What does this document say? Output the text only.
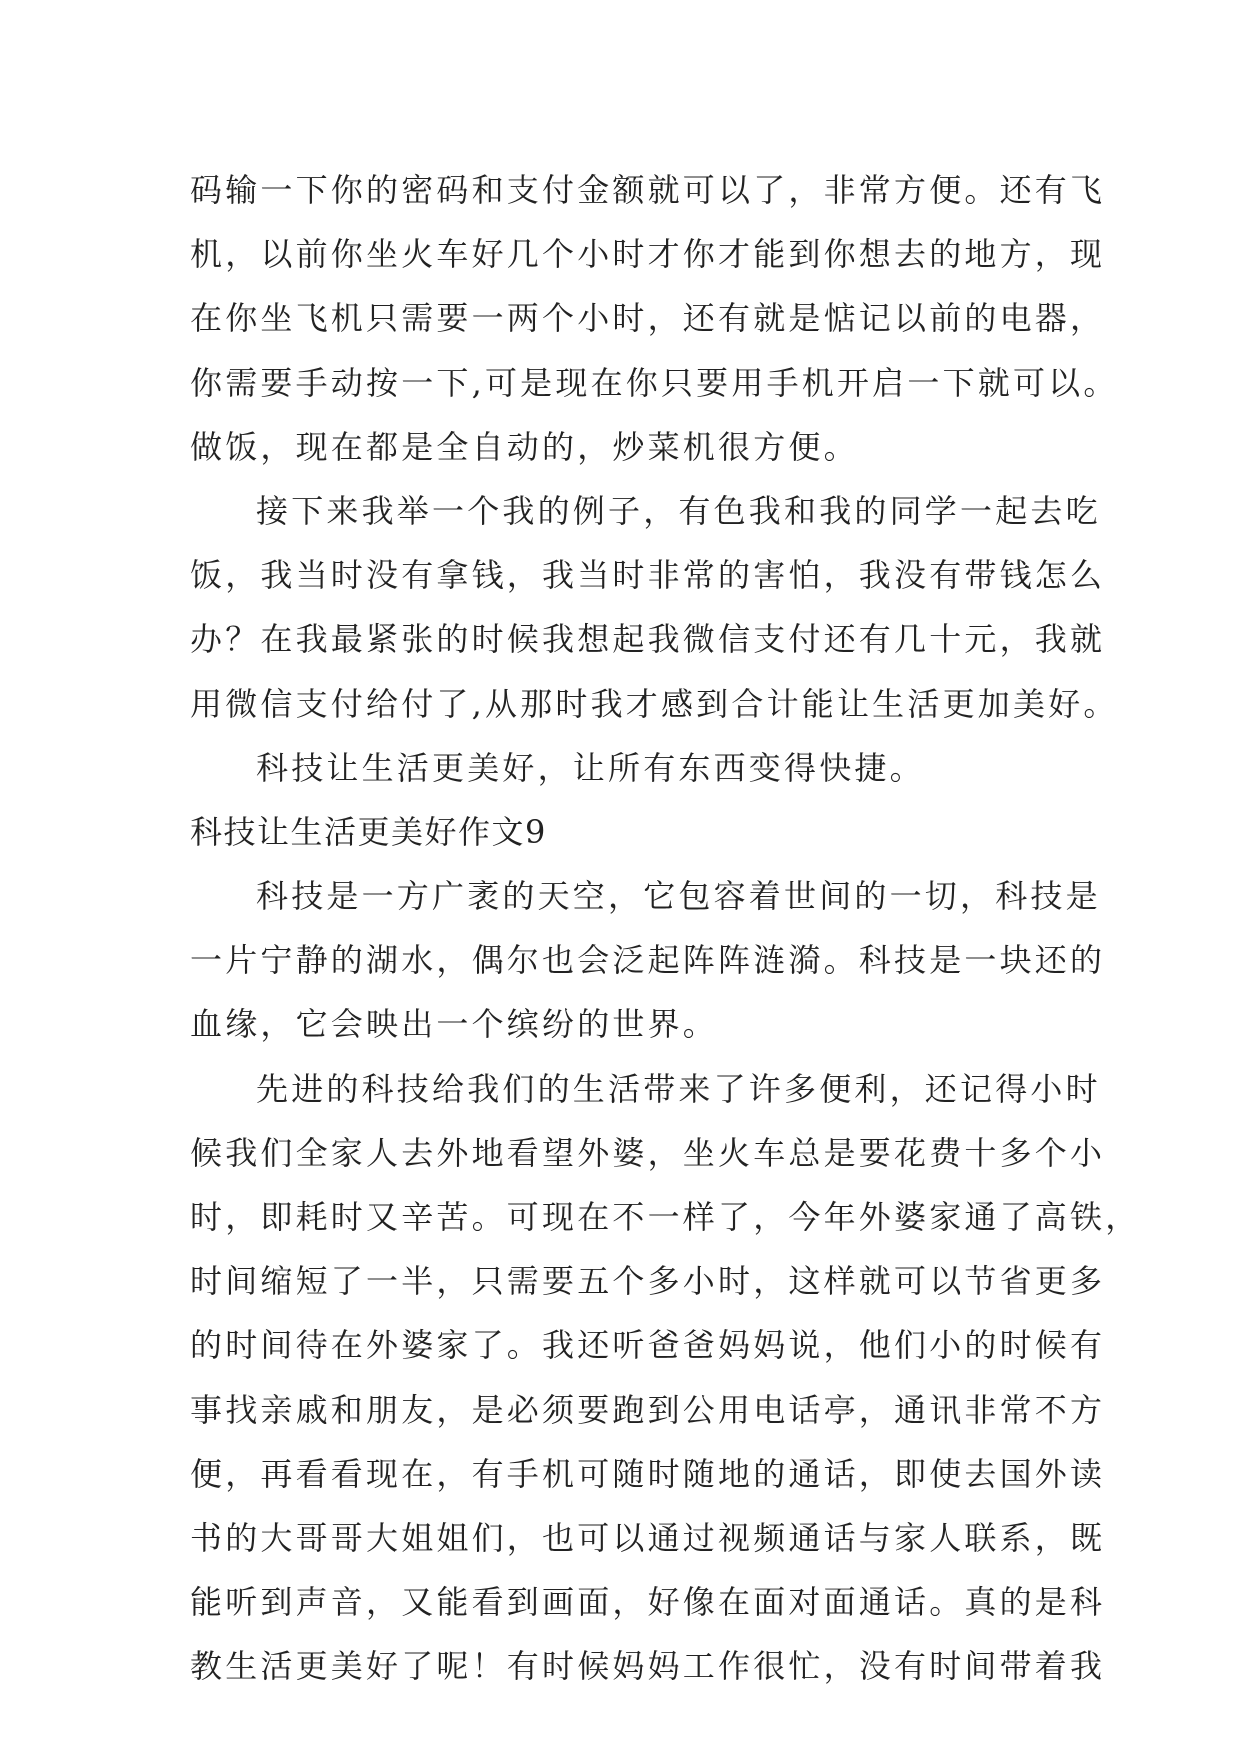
码输一下你的密码和支付金额就可以了，非常方便。还有飞
机，以前你坐火车好几个小时才你才能到你想去的地方，现
在你坐飞机只需要一两个小时，还有就是惦记以前的电器，
你需要手动按一下,可是现在你只要用手机开启一下就可以。
做饭，现在都是全自动的，炒菜机很方便。
接下来我举一个我的例子，有色我和我的同学一起去吃
饭，我当时没有拿钱，我当时非常的害怕，我没有带钱怎么
办？在我最紧张的时候我想起我微信支付还有几十元，我就
用微信支付给付了,从那时我才感到合计能让生活更加美好。
科技让生活更美好，让所有东西变得快捷。
科技让生活更美好作文9
科技是一方广袤的天空，它包容着世间的一切，科技是
一片宁静的湖水，偶尔也会泛起阵阵涟漪。科技是一块还的
血缘，它会映出一个缤纷的世界。
先进的科技给我们的生活带来了许多便利，还记得小时
候我们全家人去外地看望外婆，坐火车总是要花费十多个小
时，即耗时又辛苦。可现在不一样了，今年外婆家通了高铁，
时间缩短了一半，只需要五个多小时，这样就可以节省更多
的时间待在外婆家了。我还听爸爸妈妈说，他们小的时候有
事找亲戚和朋友，是必须要跑到公用电话亭，通讯非常不方
便，再看看现在，有手机可随时随地的通话，即使去国外读
书的大哥哥大姐姐们，也可以通过视频通话与家人联系，既
能听到声音，又能看到画面，好像在面对面通话。真的是科
教生活更美好了呢！有时候妈妈工作很忙，没有时间带着我
